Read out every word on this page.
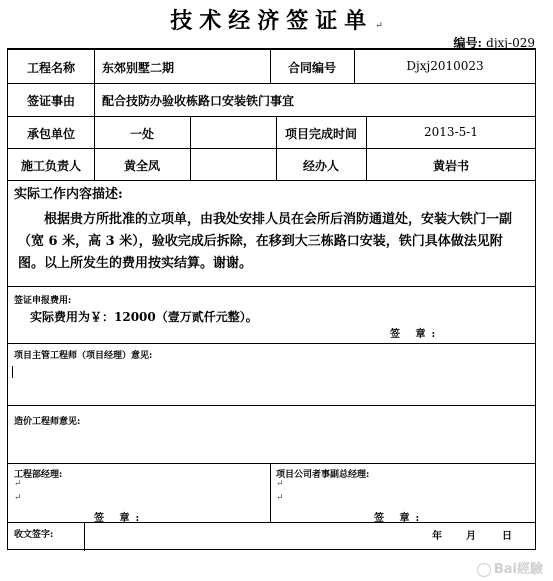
技术经济签证单 ↵
编号: djxj-029
工程名称	东郊别墅二期	合同编号	Djxj2010023
签证事由	配合技防办验收栋路口安装铁门事宜
承包单位	一处	项目完成时间	2013-5-1
施工负责人	黄全凤	经办人	黄岩书
实际工作内容描述:
根据贵方所批准的立项单，由我处安排人员在会所后消防通道处，安装大铁门一副（宽 6 米，高 3 米），验收完成后拆除，在移到大三栋路口安装，铁门具体做法见附图。以上所发生的费用按实结算。谢谢。
签证申报费用:
实际费用为￥：12000（壹万贰仟元整）。
签 章:
项目主管工程师（项目经理）意见:
造价工程师意见:
工程部经理:
↵
↵
签 章:
项目公司者事副总经理:
↵
↵
签 章:
收文签字:	年 月	日
Bai經驗
